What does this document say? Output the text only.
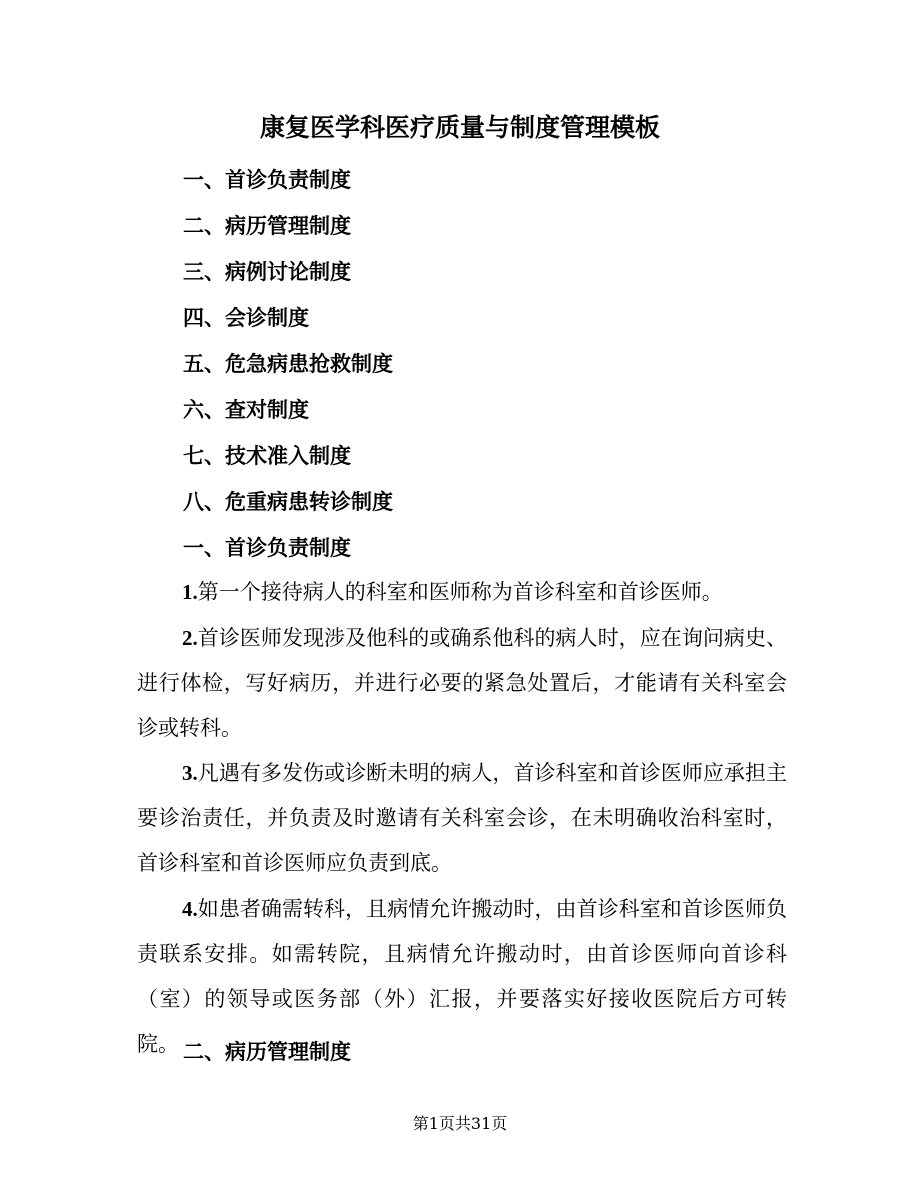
康复医学科医疗质量与制度管理模板
一、首诊负责制度
二、病历管理制度
三、病例讨论制度
四、会诊制度
五、危急病患抢救制度
六、查对制度
七、技术准入制度
八、危重病患转诊制度
一、首诊负责制度

1.第一个接待病人的科室和医师称为首诊科室和首诊医师。

2.首诊医师发现涉及他科的或确系他科的病人时，应在询问病史、进行体检，写好病历，并进行必要的紧急处置后，才能请有关科室会诊或转科。

3.凡遇有多发伤或诊断未明的病人，首诊科室和首诊医师应承担主要诊治责任，并负责及时邀请有关科室会诊，在未明确收治科室时，首诊科室和首诊医师应负责到底。

4.如患者确需转科，且病情允许搬动时，由首诊科室和首诊医师负责联系安排。如需转院，且病情允许搬动时，由首诊医师向首诊科（室）的领导或医务部（外）汇报，并要落实好接收医院后方可转院。 二、病历管理制度
第1页共31页
